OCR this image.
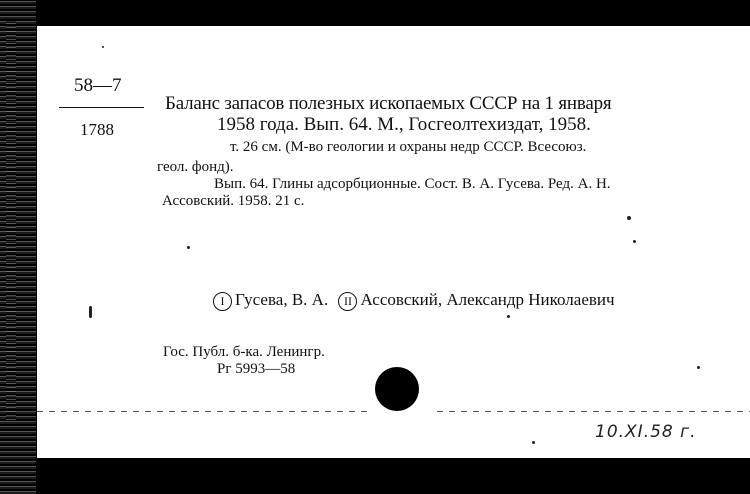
58—7
1788
Баланс запасов полезных ископаемых СССР на 1 января
1958 года. Вып. 64. М., Госгеолтехиздат, 1958.
т. 26 см. (М-во геологии и охраны недр СССР. Всесоюз.
геол. фонд).
Вып. 64. Глины адсорбционные. Сост. В. А. Гусева. Ред. А. Н.
Ассовский. 1958. 21 с.
I Гусева, В. А. II Ассовский, Александр Николаевич
Гос. Публ. б-ка. Ленингр.
Рг 5993—58
10.XI.58 г.
